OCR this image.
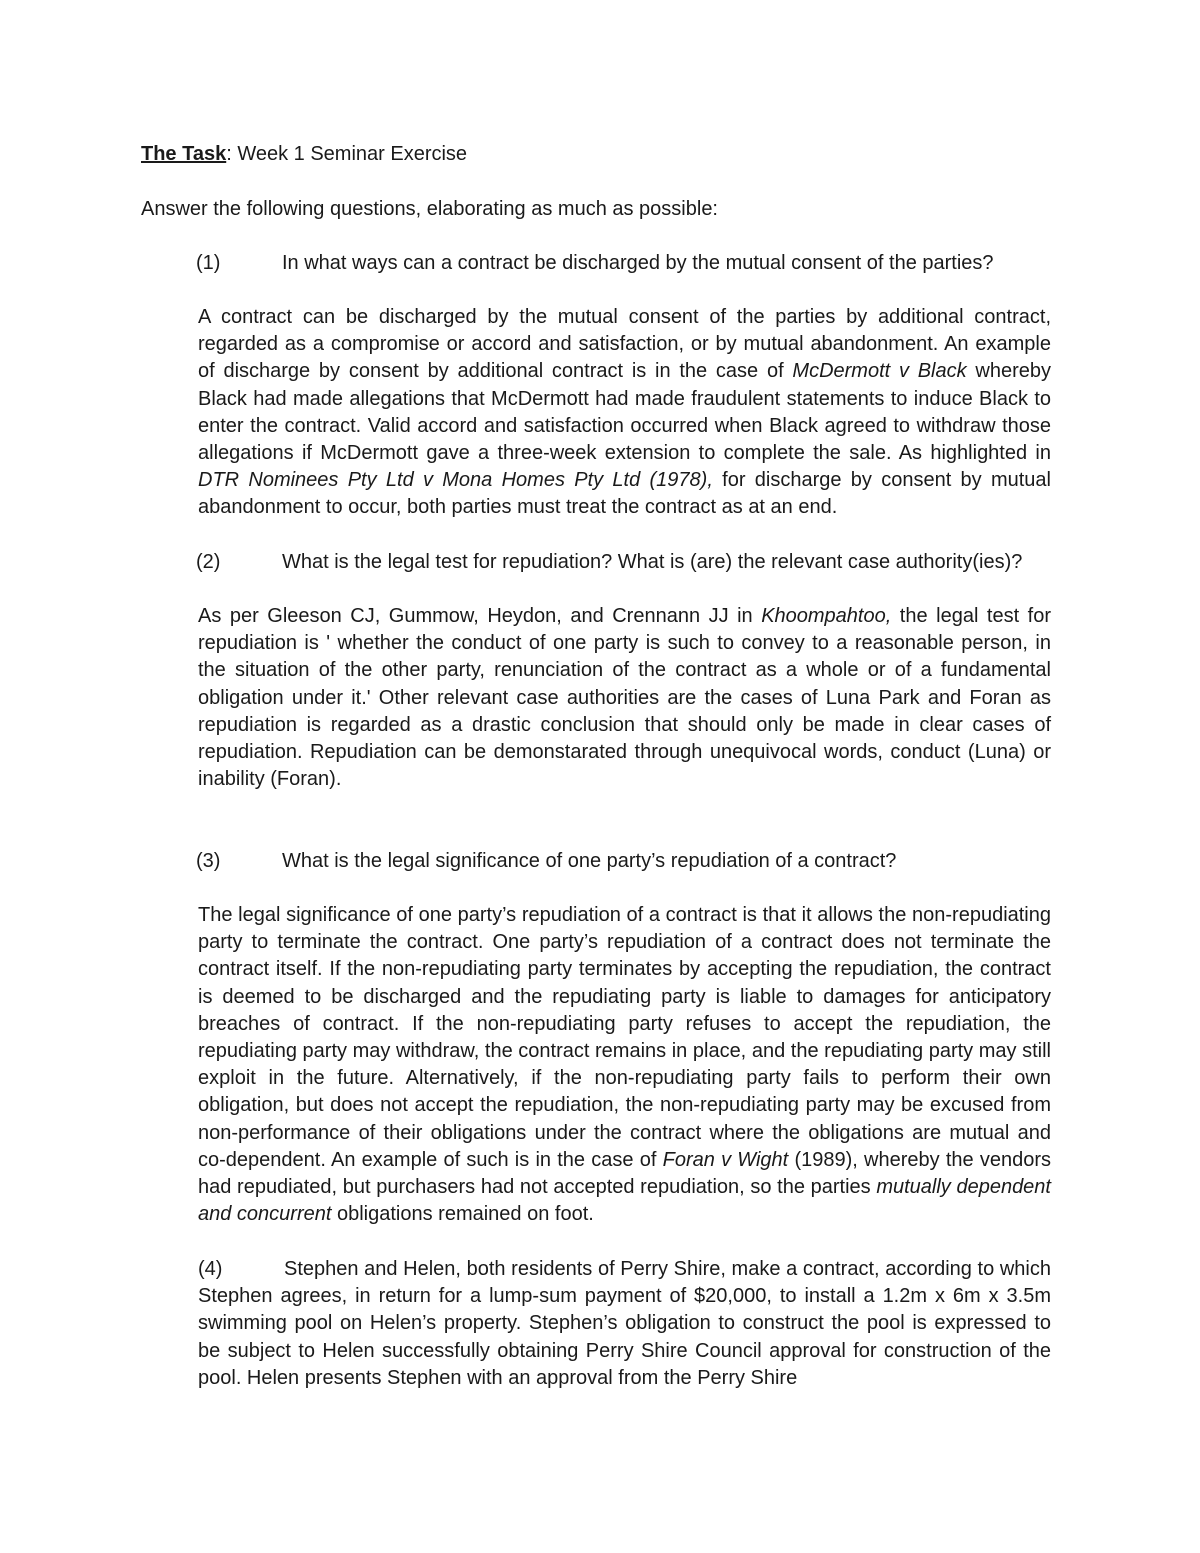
The Task: Week 1 Seminar Exercise
Answer the following questions, elaborating as much as possible:
(1)	In what ways can a contract be discharged by the mutual consent of the parties?
A contract can be discharged by the mutual consent of the parties by additional contract, regarded as a compromise or accord and satisfaction, or by mutual abandonment. An example of discharge by consent by additional contract is in the case of McDermott v Black whereby Black had made allegations that McDermott had made fraudulent statements to induce Black to enter the contract. Valid accord and satisfaction occurred when Black agreed to withdraw those allegations if McDermott gave a three-week extension to complete the sale. As highlighted in DTR Nominees Pty Ltd v Mona Homes Pty Ltd (1978), for discharge by consent by mutual abandonment to occur, both parties must treat the contract as at an end.
(2)	What is the legal test for repudiation? What is (are) the relevant case authority(ies)?
As per Gleeson CJ, Gummow, Heydon, and Crennann JJ in Khoompahtoo, the legal test for repudiation is ' whether the conduct of one party is such to convey to a reasonable person, in the situation of the other party, renunciation of the contract as a whole or of a fundamental obligation under it.' Other relevant case authorities are the cases of Luna Park and Foran as repudiation is regarded as a drastic conclusion that should only be made in clear cases of repudiation. Repudiation can be demonstarated through unequivocal words, conduct (Luna) or inability (Foran).
(3)	What is the legal significance of one party’s repudiation of a contract?
The legal significance of one party’s repudiation of a contract is that it allows the non-repudiating party to terminate the contract. One party’s repudiation of a contract does not terminate the contract itself. If the non-repudiating party terminates by accepting the repudiation, the contract is deemed to be discharged and the repudiating party is liable to damages for anticipatory breaches of contract. If the non-repudiating party refuses to accept the repudiation, the repudiating party may withdraw, the contract remains in place, and the repudiating party may still exploit in the future. Alternatively, if the non-repudiating party fails to perform their own obligation, but does not accept the repudiation, the non-repudiating party may be excused from non-performance of their obligations under the contract where the obligations are mutual and co-dependent. An example of such is in the case of Foran v Wight (1989), whereby the vendors had repudiated, but purchasers had not accepted repudiation, so the parties mutually dependent and concurrent obligations remained on foot.
(4)	Stephen and Helen, both residents of Perry Shire, make a contract, according to which Stephen agrees, in return for a lump-sum payment of $20,000, to install a 1.2m x 6m x 3.5m swimming pool on Helen’s property. Stephen’s obligation to construct the pool is expressed to be subject to Helen successfully obtaining Perry Shire Council approval for construction of the pool. Helen presents Stephen with an approval from the Perry Shire
